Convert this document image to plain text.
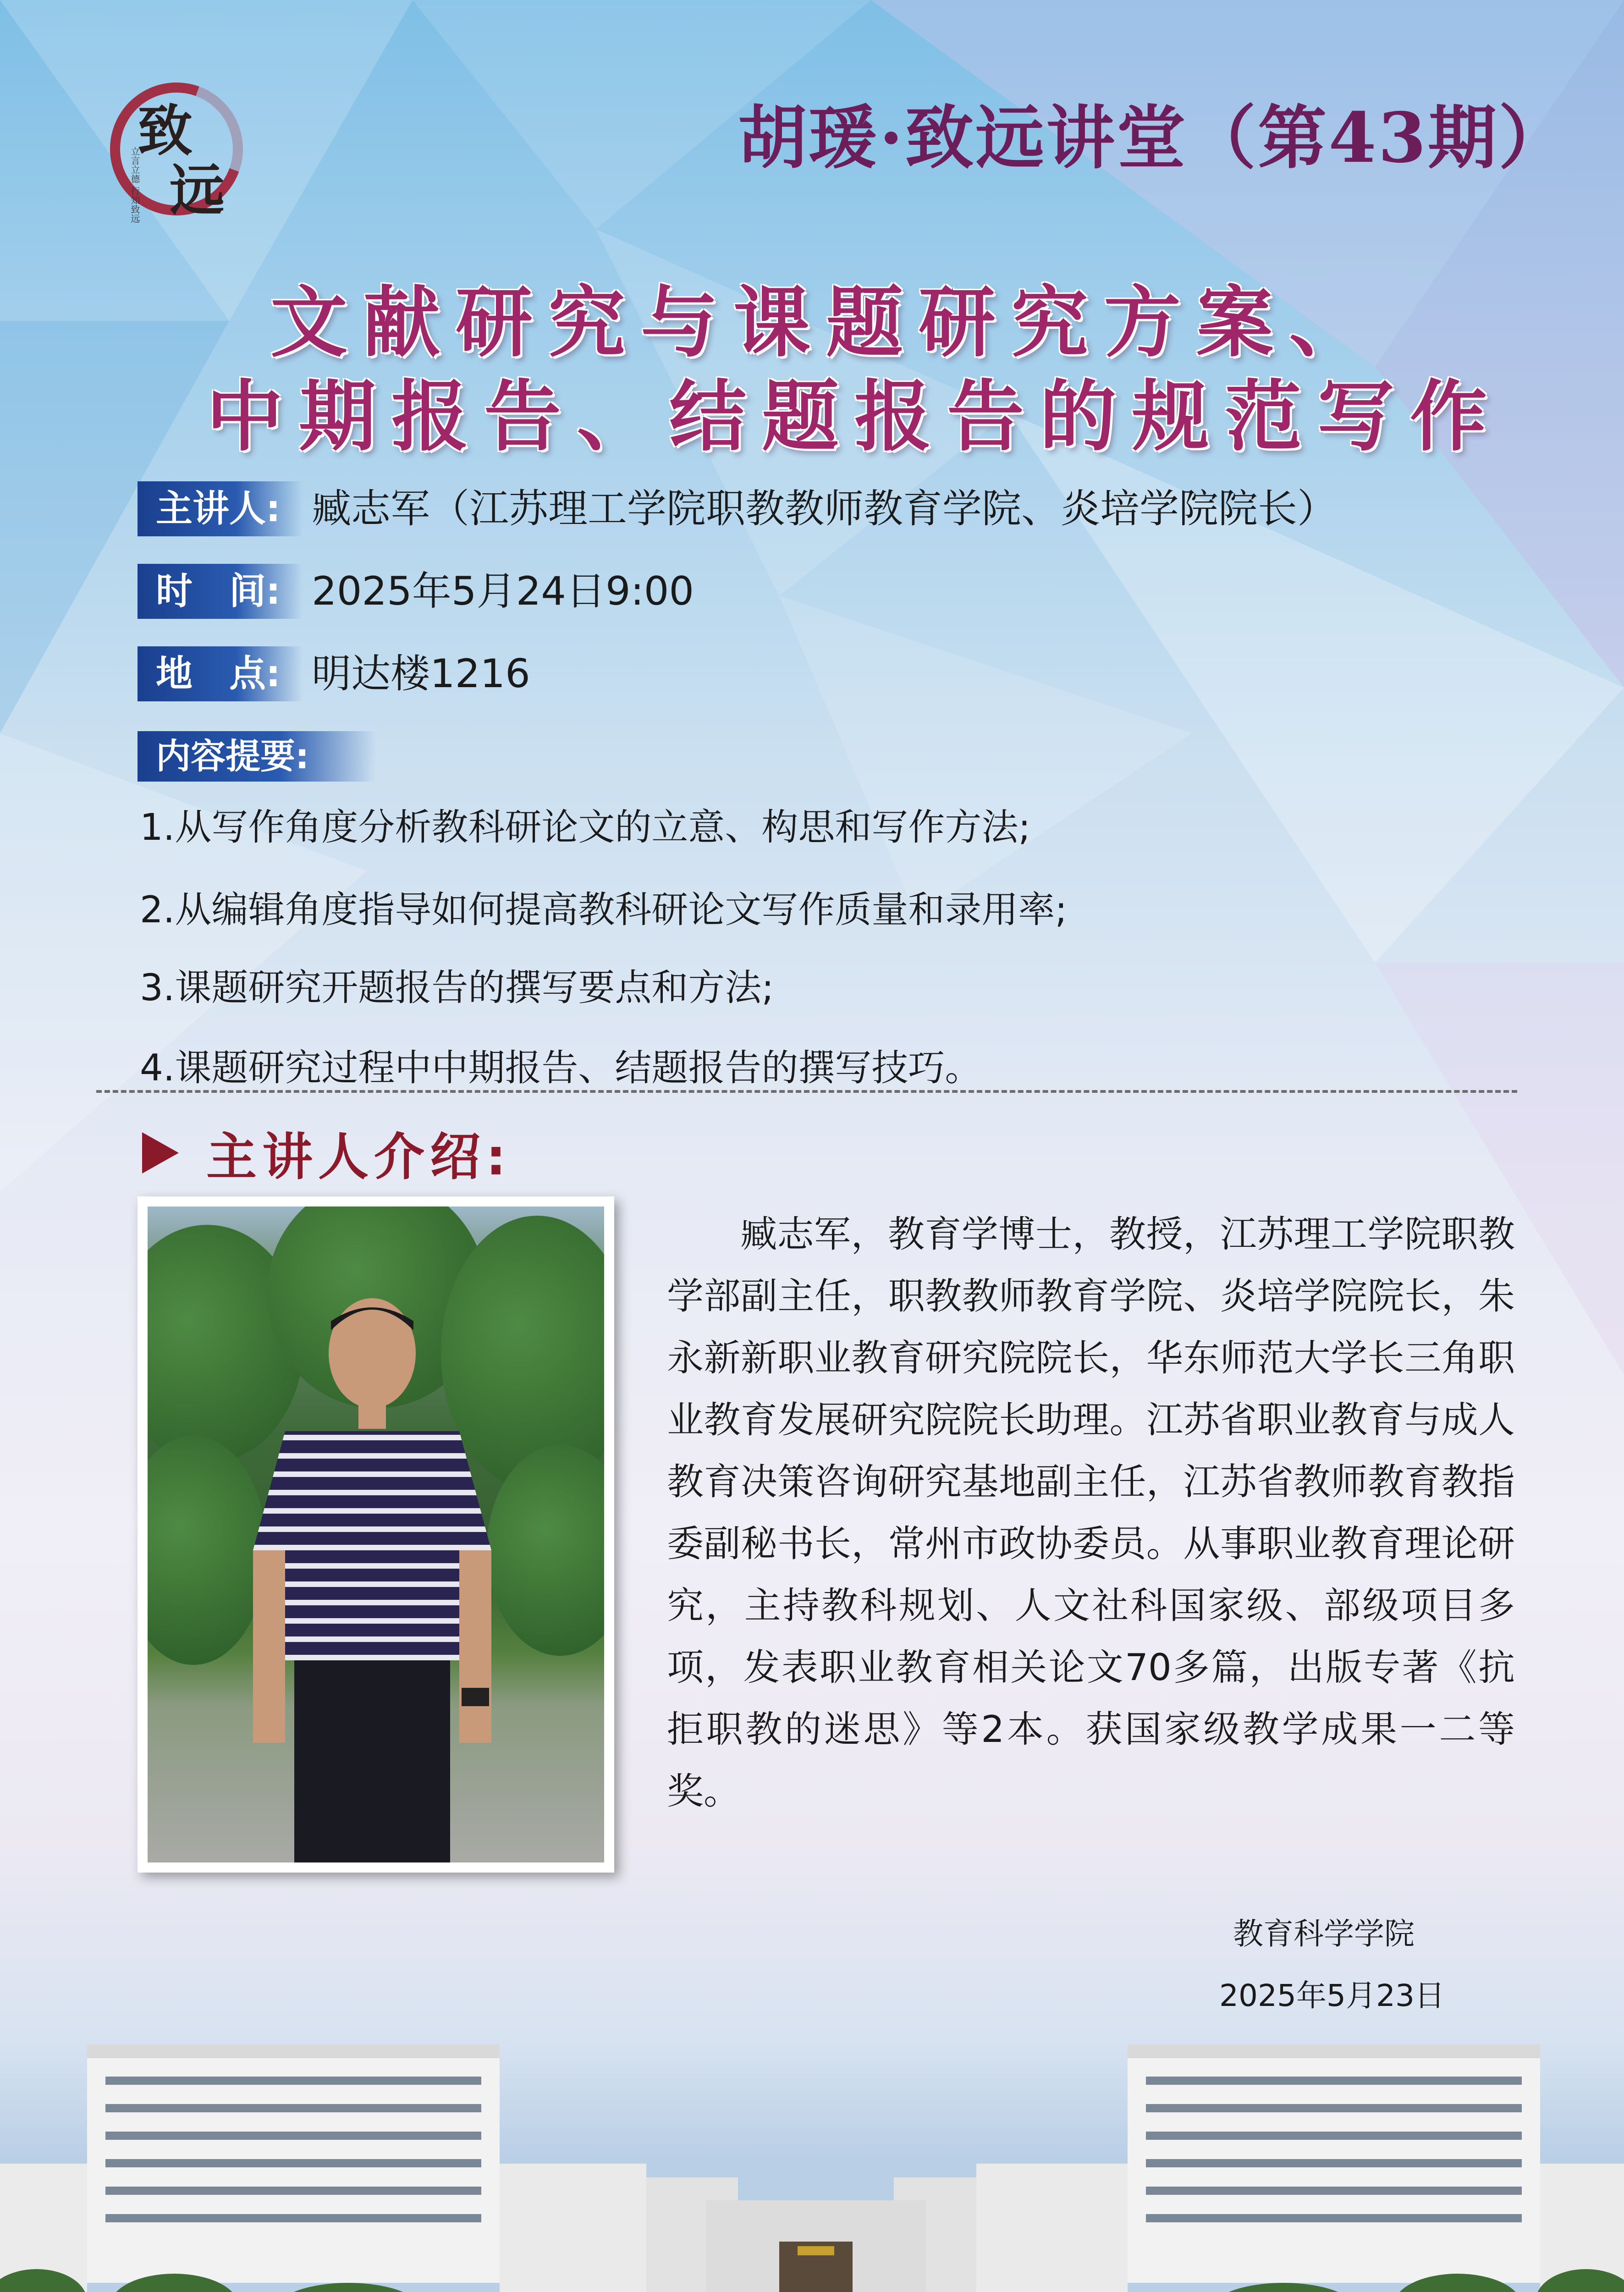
致
远
立言立德 行知致远
胡瑗·致远讲堂（第43期）
文献研究与课题研究方案、
中期报告、结题报告的规范写作
主讲人: 臧志军（江苏理工学院职教教师教育学院、炎培学院院长）
时　间: 2025年5月24日9:00
地　点: 明达楼1216
内容提要:
1.从写作角度分析教科研论文的立意、构思和写作方法;
2.从编辑角度指导如何提高教科研论文写作质量和录用率;
3.课题研究开题报告的撰写要点和方法;
4.课题研究过程中中期报告、结题报告的撰写技巧。
主讲人介绍:
臧志军，教育学博士，教授，江苏理工学院职教学部副主任，职教教师教育学院、炎培学院院长，朱永新新职业教育研究院院长，华东师范大学长三角职业教育发展研究院院长助理。江苏省职业教育与成人教育决策咨询研究基地副主任，江苏省教师教育教指委副秘书长，常州市政协委员。从事职业教育理论研究，主持教科规划、人文社科国家级、部级项目多项，发表职业教育相关论文70多篇，出版专著《抗拒职教的迷思》等2本。获国家级教学成果一二等奖。
教育科学学院
2025年5月23日
